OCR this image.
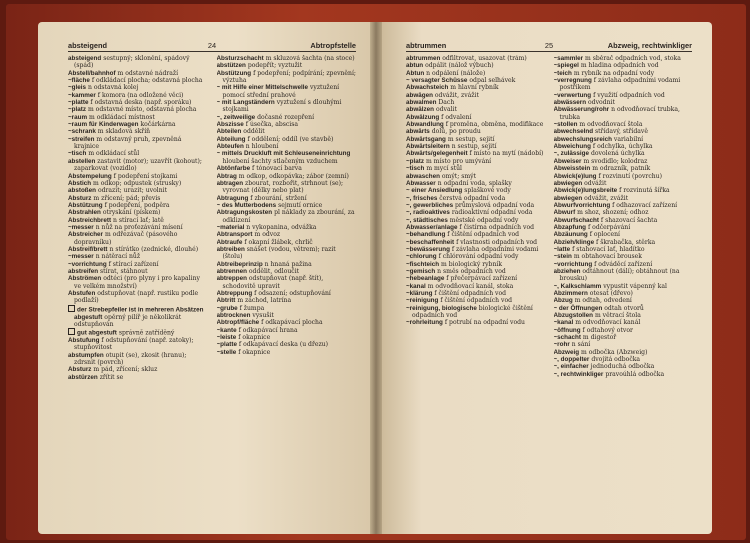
absteigend	24	Abtropfstelle

absteigend sestupný; sklonění, spádový (spád)

Abstell/bahnhof m odstavné nádraží

~fläche f odkládací plocha; odstavná plocha

~gleis n odstavná kolej

~kammer f komora (na odložené věci)

~platte f odstavná deska (např. sporáku)

~platz m odstavné místo, odstavná plocha

~raum m odkládací místnost

~raum für Kinderwagen kočárkárna

~schrank m skladová skříň

~streifen m odstavný pruh, zpevněná krajnice

~tisch m odkládací stůl

abstellen zastavit (motor); uzavřít (kohout); zaparkovat (vozidlo)

Abstempelung f podepření stojkami

Abstich m odkop; odpustek (strusky)

abstoßen odrazit; urazit; uvolnit

Absturz m zřícení; pád; převis

Abstützung f podepření, podpěra

Abstrahlen otryskání (pískem)

Abstreichbrett n stírací lať; latě

~messer n nůž na proťezávání mísení

Abstreicher m odřezávač (pásového dopravníku)

Abstreif/brett n stírátko (zednické, dlouhé)

~messer n nátěrací nůž

~vorrichtung f stírací zařízení

abstreifen stírat, stáhnout

Abströmen odtéci (pro plyny i pro kapaliny ve velkém množství)

Abstufen odstupňovat (např. rustiku podle podlaží)

der Strebepfeiler ist in mehreren Absätzen abgestuft opěrný pilíř je několikrát odstupňován

gut abgestuft správně zatříděný

Abstufung f odstupňování (např. zatoky); stupňovitost

abstumpfen otupit (se), zkosit (hranu); zdrsnit (povrch)

Absturz m pád, zřícení; skluz

abstürzen zřítit se

Absturzschacht m skluzová šachta (na stoce)

abstützen podepřít; vyztužit

Abstützung f podepření; podpírání; zpevnění; výztuha

~ mit Hilfe einer Mittelschwelle vyztužení pomocí střední prahové

~ mit Langständern vyztužení s dlouhými stojkami

~, zeitweilige dočasné rozepření

Abszisse f úsečka, abscisa

Abteilen oddělit

Abteilung f oddělení; oddíl (ve stavbě)

Abteufen n hloubení

~ mittels Druckluft mit Schleuseneinrichtung hloubení šachty stlačeným vzduchem

Abtönfarbe f tónovací barva

Abtrag m odkop, odkopávka; zábor (zemní)

abtragen zbourat, rozbořit, strhnout (se); vyrovnat (dělky nebo plat)

Abtragung f zbourání, stržení

~ des Mutterbodens sejmutí ornice

Abtragungskosten pl náklady za zbourání, za odklizení

~material n vykopanina, odvážka

Abtransport m odvoz

Abtraufe f okapní žlábek, chrlič

abtreiben snášet (vodou, větrem); razit (štolu)

Abtreibeprinzip n hnaná pažina

abtrennen oddělit, odloučit

abtreppen odstupňovat (např. štít), schodovitě upravit

Abtreppung f odsazení; odstupňování

Abtritt m záchod, latrína

~grube f žumpa

abtrocknen vysušit

Abtropf/fläche f odkapávací plocha

~kante f odkapávací hrana

~leiste f okapnice

~platte f odkapávací deska (u dřezu)

~stelle f okapnice

abtrummen	25	Abzweig, rechtwinkliger

abtrummen odfiltrovat, usazovat (trám)

abtun odpálit (nálož výbuch)

Abtun n odpálení (nálože)

~ versagter Schüsse odpal selhávek

Abwachsteich m hlavní rybník

abwägen odvážit, zvážit

abwalmen Dach

abwälzen odvalit

Abwälzung f odvalení

Abwandlung f proměna, obměna, modifikace

abwärts dolů, po proudu

Abwärtsgang m sestup, sejití

Abwärtsleitern n sestup, sejití

Abwärts/gelegenheit f místo na mytí (nádobí)

~platz m místo pro umývání

~tisch m mycí stůl

abwaschen omýt; smýt

Abwasser n odpadní voda, splašky

~ einer Ansiedlung splaškové vody

~, frisches čerstvá odpadní voda

~, gewerbliches průmyslová odpadní voda

~, radioaktives radioaktivní odpadní voda

~, städtisches městské odpadní vody

Abwasser/anlage f čistírna odpadních vod

~behandlung f čištění odpadních vod

~beschaffenheit f vlastnosti odpadních vod

~bewässerung f závlaha odpadními vodami

~chlorung f chlórování odpadní vody

~fischteich m biologický rybník

~gemisch n směs odpadních vod

~hebeanlage f přečerpávací zařízení

~kanal m odvodňovací kanál, stoka

~klärung f čištění odpadních vod

~reinigung f čištění odpadních vod

~reinigung, biologische biologické čištění odpadních vod

~rohrleitung f potrubí na odpadní vodu

~sammler m sběrač odpadních vod, stoka

~spiegel m hladina odpadních vod

~teich m rybník na odpadní vody

~verregnung f závlaha odpadními vodami postřikem

~verwertung f využití odpadních vod

abwässern odvodnit

Abwässerung/rohr n odvodňovací trubka, trubka

~stollen m odvodňovací štola

abwechselnd střídavý, střídavě

abwechslungsreich variabilní

Abweichung f odchylka, úchylka

~, zulässige dovolená úchylka

Abweiser m svodidlo; kolodraz

Abweisstein m odrazník, patník

Abwick(e)lung f rozvinutí (povrchu)

abwiegen odvážit

Abwick(e)lungsbreite f rozvinutá šířka

abwiegen odvážit, zvážit

Abwurfvorrichtung f odhazovací zařízení

Abwurf m shoz, shození; odhoz

Abwurfschacht f shazovací šachta

Abzapfung f odčerpávání

Abzäunung f oplocení

Abzieh/klinge f škrabačka, stěrka

~latte f stahovací lať, hladítko

~stein m obtahovací brousek

~vorrichtung f odváděcí zařízení

abziehen odtáhnout (dálí); obtáhnout (na brousku)

~, Kalkschlamm vypustit vápenný kal

Abzimmern otesat (dřevo)

Abzug m odtah, odvedení

~ der Öffnungen odtah otvorů

Abzugstollen m větrací štola

~kanal m odvodňovací kanál

~öffnung f odtahový otvor

~schacht m digestoř

~rohr n sání

Abzweig m odbočka (Abzweig)

~, doppelter dvojitá odbočka

~, einfacher jednoduchá odbočka

~, rechtwinkliger pravoúhlá odbočka
